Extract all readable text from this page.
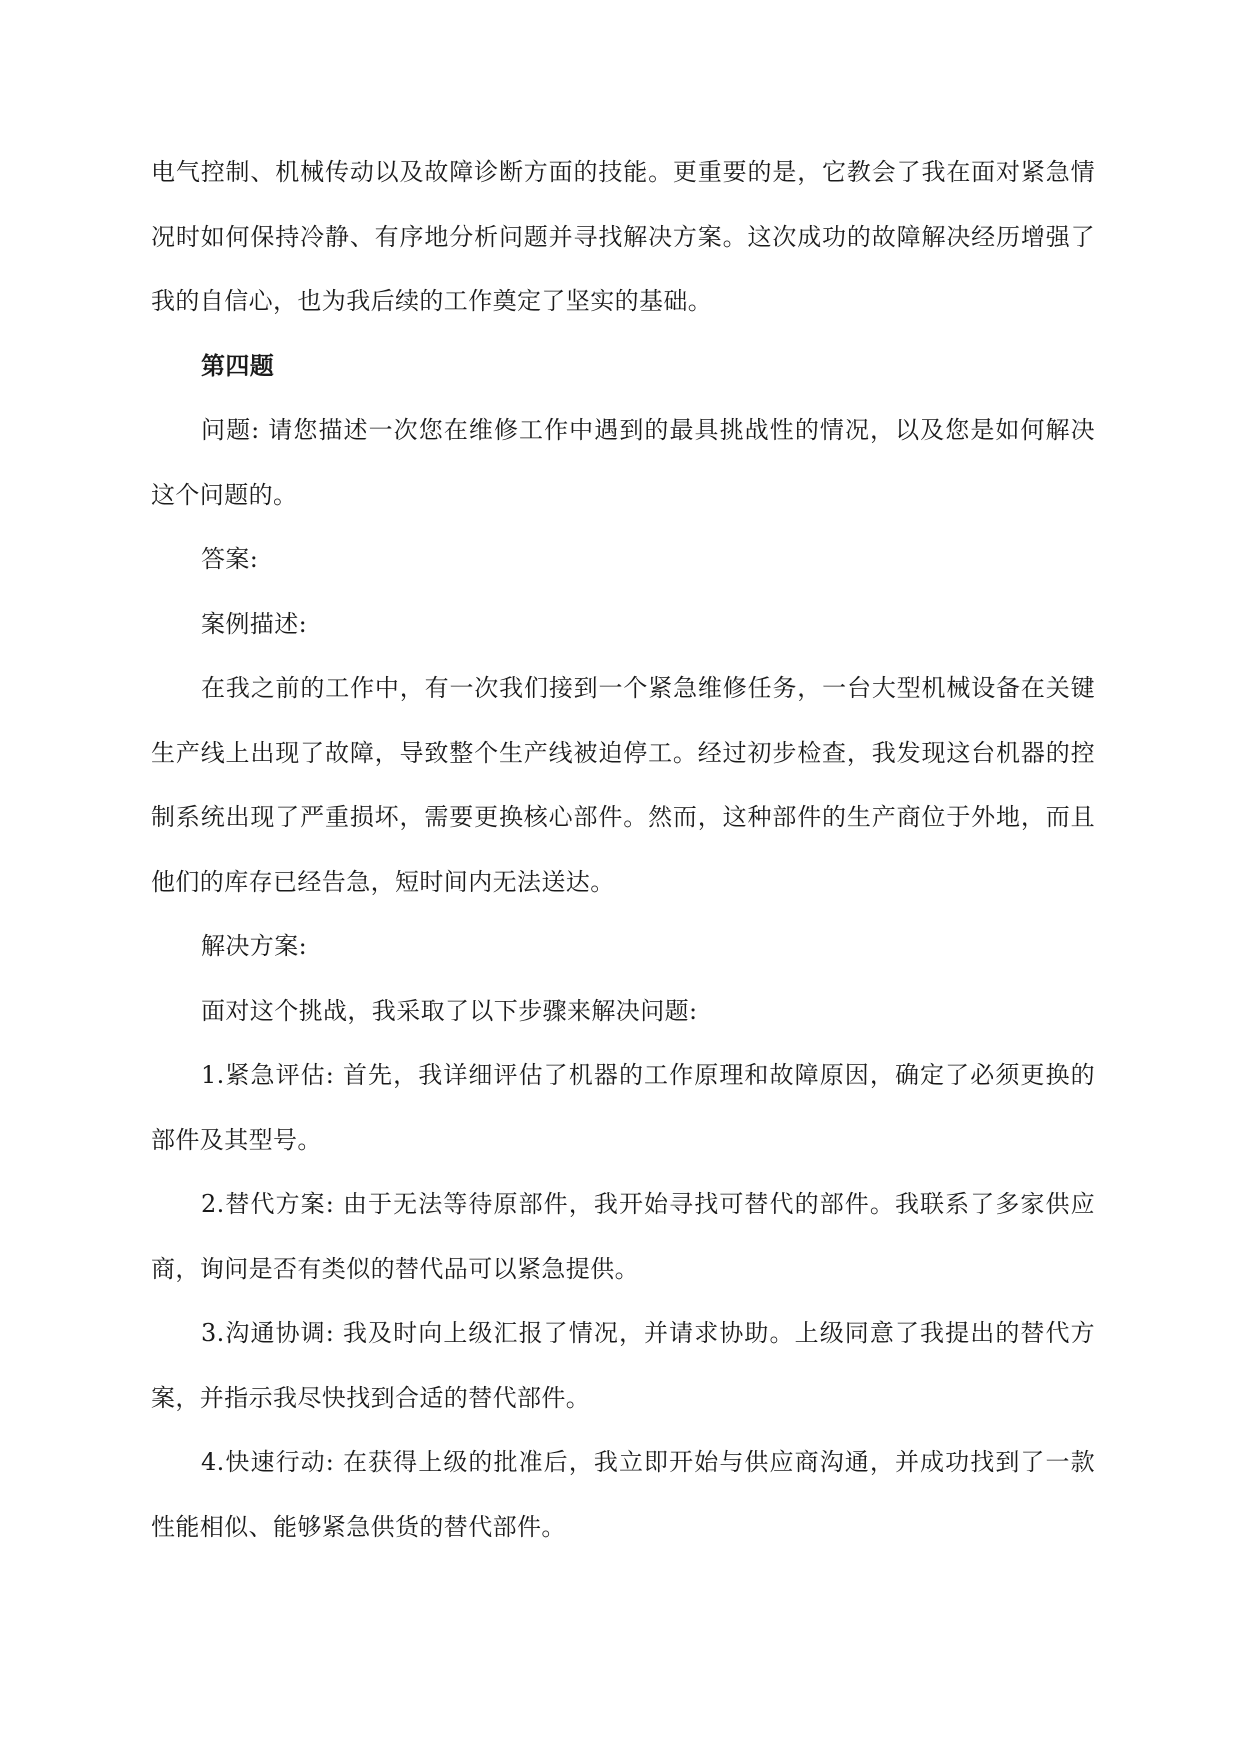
电气控制、机械传动以及故障诊断方面的技能。更重要的是，它教会了我在面对紧急情况时如何保持冷静、有序地分析问题并寻找解决方案。这次成功的故障解决经历增强了我的自信心，也为我后续的工作奠定了坚实的基础。

第四题

问题: 请您描述一次您在维修工作中遇到的最具挑战性的情况，以及您是如何解决这个问题的。

答案:

案例描述:

在我之前的工作中，有一次我们接到一个紧急维修任务，一台大型机械设备在关键生产线上出现了故障，导致整个生产线被迫停工。经过初步检查，我发现这台机器的控制系统出现了严重损坏，需要更换核心部件。然而，这种部件的生产商位于外地，而且他们的库存已经告急，短时间内无法送达。

解决方案:

面对这个挑战，我采取了以下步骤来解决问题:

1.紧急评估: 首先，我详细评估了机器的工作原理和故障原因，确定了必须更换的部件及其型号。

2.替代方案: 由于无法等待原部件，我开始寻找可替代的部件。我联系了多家供应商，询问是否有类似的替代品可以紧急提供。

3.沟通协调: 我及时向上级汇报了情况，并请求协助。上级同意了我提出的替代方案，并指示我尽快找到合适的替代部件。

4.快速行动: 在获得上级的批准后，我立即开始与供应商沟通，并成功找到了一款性能相似、能够紧急供货的替代部件。
